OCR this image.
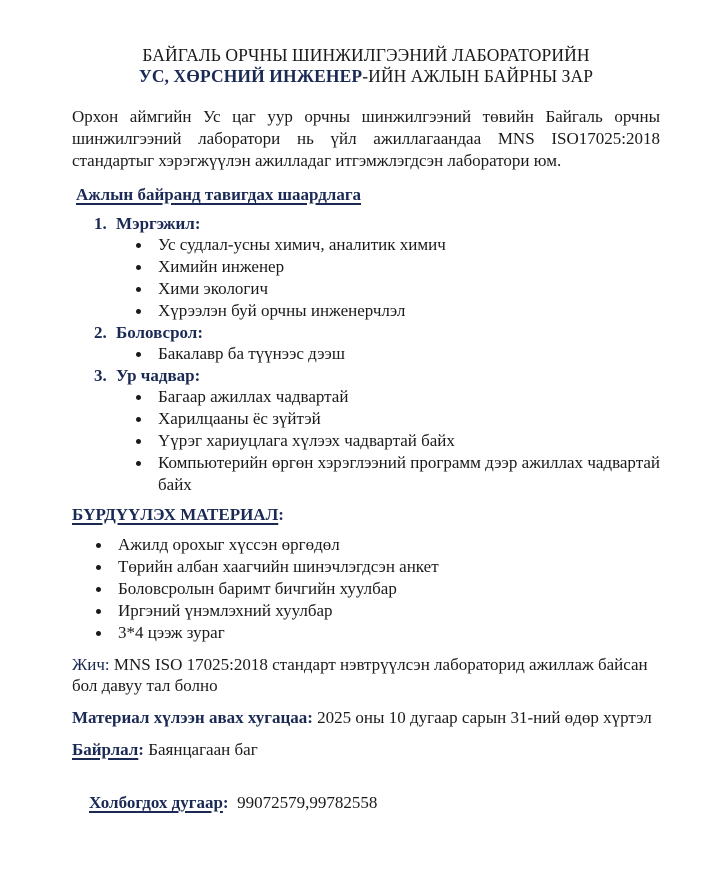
БАЙГАЛЬ ОРЧНЫ ШИНЖИЛГЭЭНИЙ ЛАБОРАТОРИЙН
УС, ХӨРСНИЙ ИНЖЕНЕР-ИЙН АЖЛЫН БАЙРНЫ ЗАР
Орхон аймгийн Ус цаг уур орчны шинжилгээний төвийн Байгаль орчны шинжилгээний лаборатори нь үйл ажиллагаандаа MNS ISO17025:2018 стандартыг хэрэгжүүлэн ажилладаг итгэмжлэгдсэн лаборатори юм.
Ажлын байранд тавигдах шаардлага
1. Мэргэжил:
Ус судлал-усны химич, аналитик химич
Химийн инженер
Хими экологич
Хүрээлэн буй орчны инженерчлэл
2. Боловсрол:
Бакалавр ба түүнээс дээш
3. Ур чадвар:
Багаар ажиллах чадвартай
Харилцааны ёс зүйтэй
Үүрэг хариуцлага хүлээх чадвартай байх
Компьютерийн өргөн хэрэглээний программ дээр ажиллах чадвартай байх
БҮРДҮҮЛЭХ МАТЕРИАЛ:
Ажилд орохыг хүссэн өргөдөл
Төрийн албан хаагчийн шинэчлэгдсэн анкет
Боловсролын баримт бичгийн хуулбар
Иргэний үнэмлэхний хуулбар
3*4 цээж зураг
Жич: MNS ISO 17025:2018 стандарт нэвтрүүлсэн лабораторид ажиллаж байсан бол давуу тал болно
Материал хүлээн авах хугацаа: 2025 оны 10 дугаар сарын 31-ний өдөр хүртэл
Байрлал: Баянцагаан баг

Холбогдох дугаар:  99072579,99782558
